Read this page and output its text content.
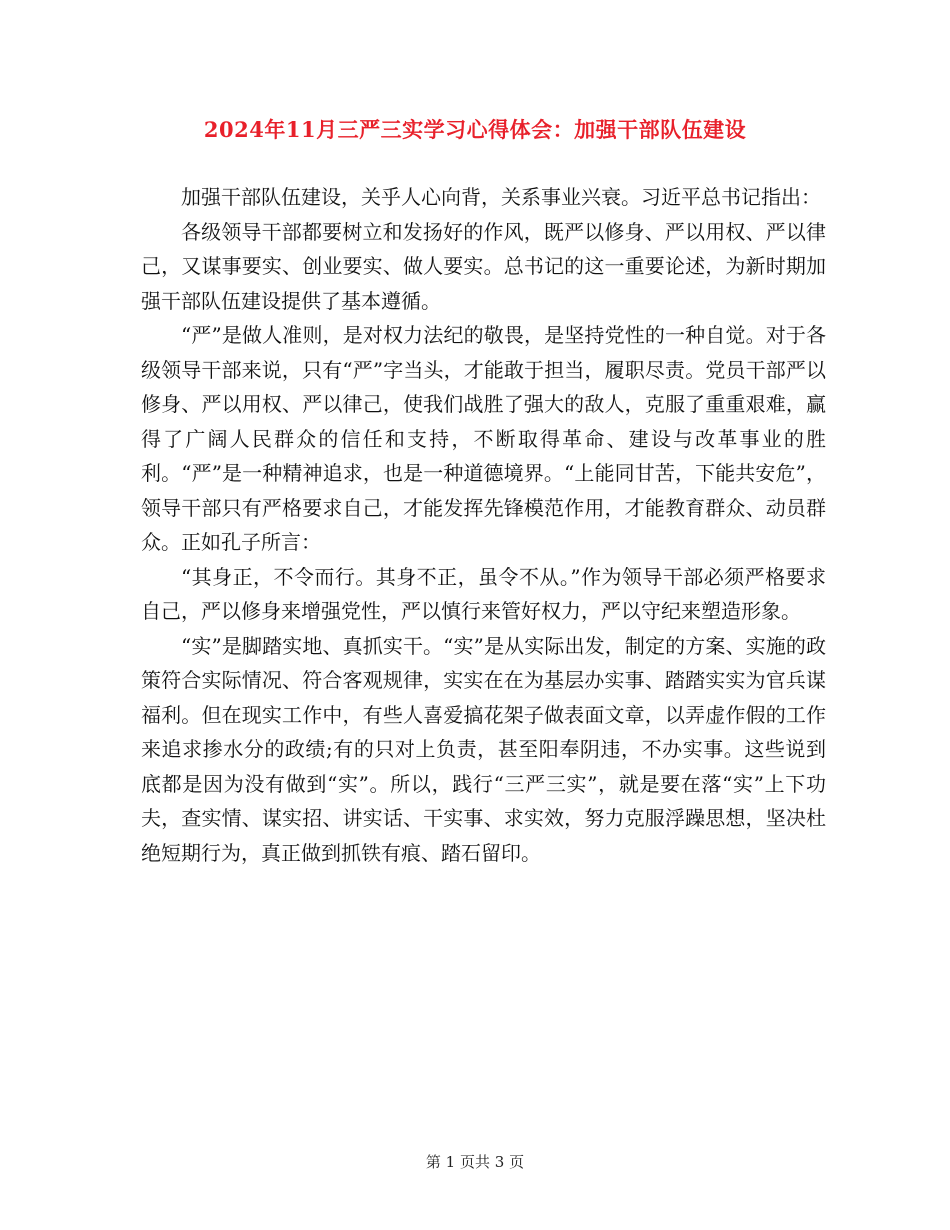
2024年11月三严三实学习心得体会：加强干部队伍建设

加强干部队伍建设，关乎人心向背，关系事业兴衰。习近平总书记指出：

各级领导干部都要树立和发扬好的作风，既严以修身、严以用权、严以律己，又谋事要实、创业要实、做人要实。总书记的这一重要论述，为新时期加强干部队伍建设提供了基本遵循。

“严”是做人准则，是对权力法纪的敬畏，是坚持党性的一种自觉。对于各级领导干部来说，只有“严”字当头，才能敢于担当，履职尽责。党员干部严以修身、严以用权、严以律己，使我们战胜了强大的敌人，克服了重重艰难，赢得了广阔人民群众的信任和支持，不断取得革命、建设与改革事业的胜利。“严”是一种精神追求，也是一种道德境界。“上能同甘苦，下能共安危”，领导干部只有严格要求自己，才能发挥先锋模范作用，才能教育群众、动员群众。正如孔子所言：

“其身正，不令而行。其身不正，虽令不从。”作为领导干部必须严格要求自己，严以修身来增强党性，严以慎行来管好权力，严以守纪来塑造形象。

“实”是脚踏实地、真抓实干。“实”是从实际出发，制定的方案、实施的政策符合实际情况、符合客观规律，实实在在为基层办实事、踏踏实实为官兵谋福利。但在现实工作中，有些人喜爱搞花架子做表面文章，以弄虚作假的工作来追求掺水分的政绩;有的只对上负责，甚至阳奉阴违，不办实事。这些说到底都是因为没有做到“实”。所以，践行“三严三实”，就是要在落“实”上下功夫，查实情、谋实招、讲实话、干实事、求实效，努力克服浮躁思想，坚决杜绝短期行为，真正做到抓铁有痕、踏石留印。

第 1 页共 3 页
